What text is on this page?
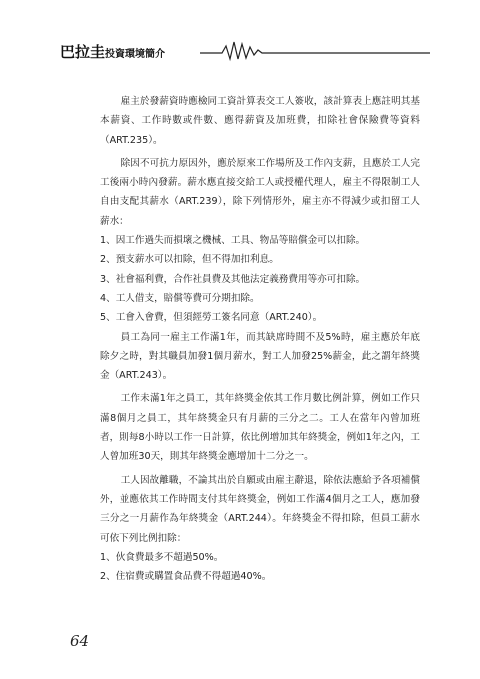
巴拉圭投資環境簡介

雇主於發薪資時應檢同工資計算表交工人簽收，該計算表上應註明其基本薪資、工作時數或件數、應得薪資及加班費，扣除社會保險費等資料（ART.235）。

除因不可抗力原因外，應於原來工作場所及工作內支薪，且應於工人完工後兩小時內發薪。薪水應直接交給工人或授權代理人，雇主不得限制工人自由支配其薪水（ART.239），除下列情形外，雇主亦不得減少或扣留工人薪水：

1、因工作過失而損壞之機械、工具、物品等賠償金可以扣除。

2、預支薪水可以扣除，但不得加扣利息。

3、社會福利費，合作社員費及其他法定義務費用等亦可扣除。

4、工人借支，賠償等費可分期扣除。

5、工會入會費，但須經勞工簽名同意（ART.240）。

員工為同一雇主工作滿1年，而其缺席時間不及5%時，雇主應於年底除夕之時，對其職員加發1個月薪水，對工人加發25%薪金，此之謂年終獎金（ART.243）。

工作未滿1年之員工，其年終獎金依其工作月數比例計算，例如工作只滿8個月之員工，其年終獎金只有月薪的三分之二。工人在當年內曾加班者，則每8小時以工作一日計算，依比例增加其年終獎金，例如1年之內，工人曾加班30天，則其年終獎金應增加十二分之一。

工人因故離職，不論其出於自願或由雇主辭退，除依法應給予各項補償外，並應依其工作時間支付其年終獎金，例如工作滿4個月之工人，應加發三分之一月薪作為年終獎金（ART.244）。年終獎金不得扣除，但員工薪水可依下列比例扣除：

1、伙食費最多不超過50%。

2、住宿費或購置食品費不得超過40%。

64
